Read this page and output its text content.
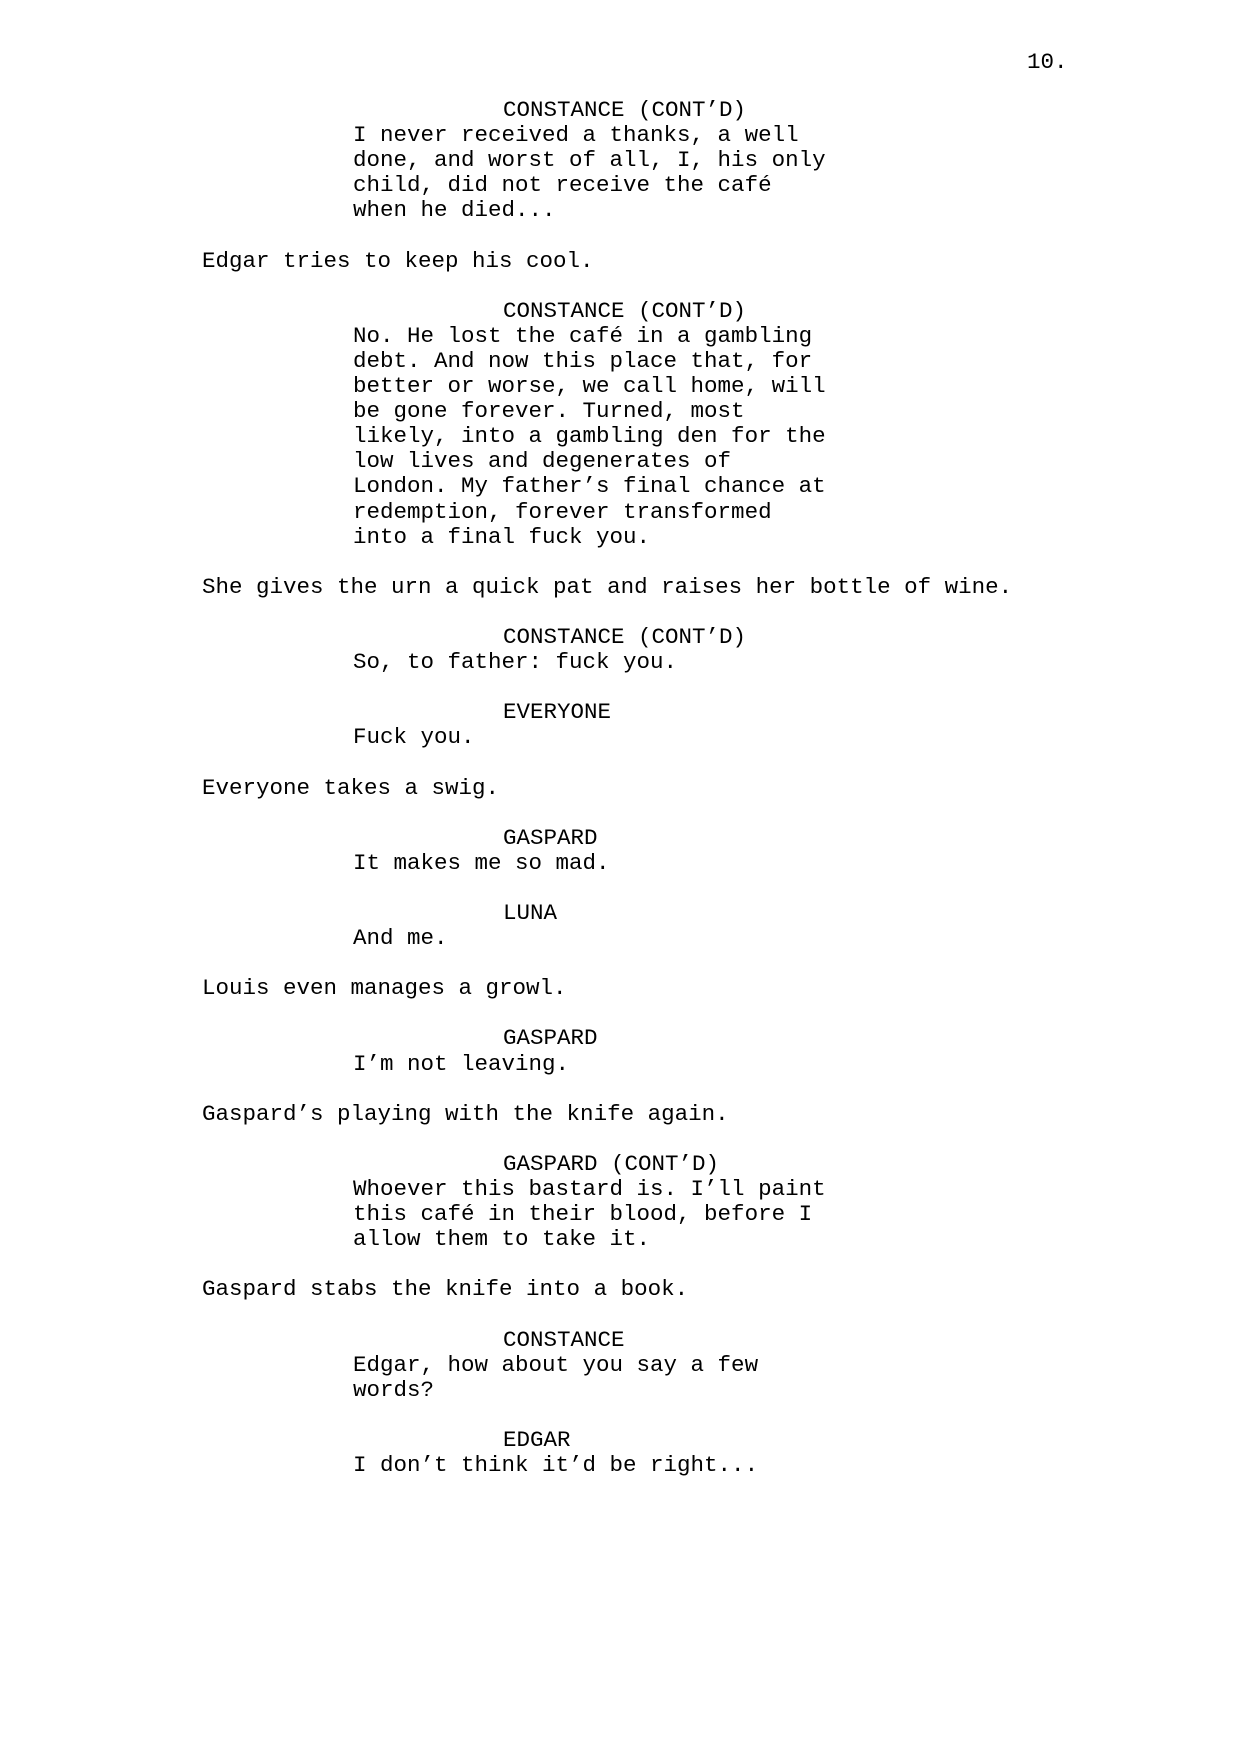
10.
CONSTANCE (CONT’D)
I never received a thanks, a well
done, and worst of all, I, his only
child, did not receive the café
when he died...
Edgar tries to keep his cool.
CONSTANCE (CONT’D)
No. He lost the café in a gambling
debt. And now this place that, for
better or worse, we call home, will
be gone forever. Turned, most
likely, into a gambling den for the
low lives and degenerates of
London. My father’s final chance at
redemption, forever transformed
into a final fuck you.
She gives the urn a quick pat and raises her bottle of wine.
CONSTANCE (CONT’D)
So, to father: fuck you.
EVERYONE
Fuck you.
Everyone takes a swig.
GASPARD
It makes me so mad.
LUNA
And me.
Louis even manages a growl.
GASPARD
I’m not leaving.
Gaspard’s playing with the knife again.
GASPARD (CONT’D)
Whoever this bastard is. I’ll paint
this café in their blood, before I
allow them to take it.
Gaspard stabs the knife into a book.
CONSTANCE
Edgar, how about you say a few
words?
EDGAR
I don’t think it’d be right...
